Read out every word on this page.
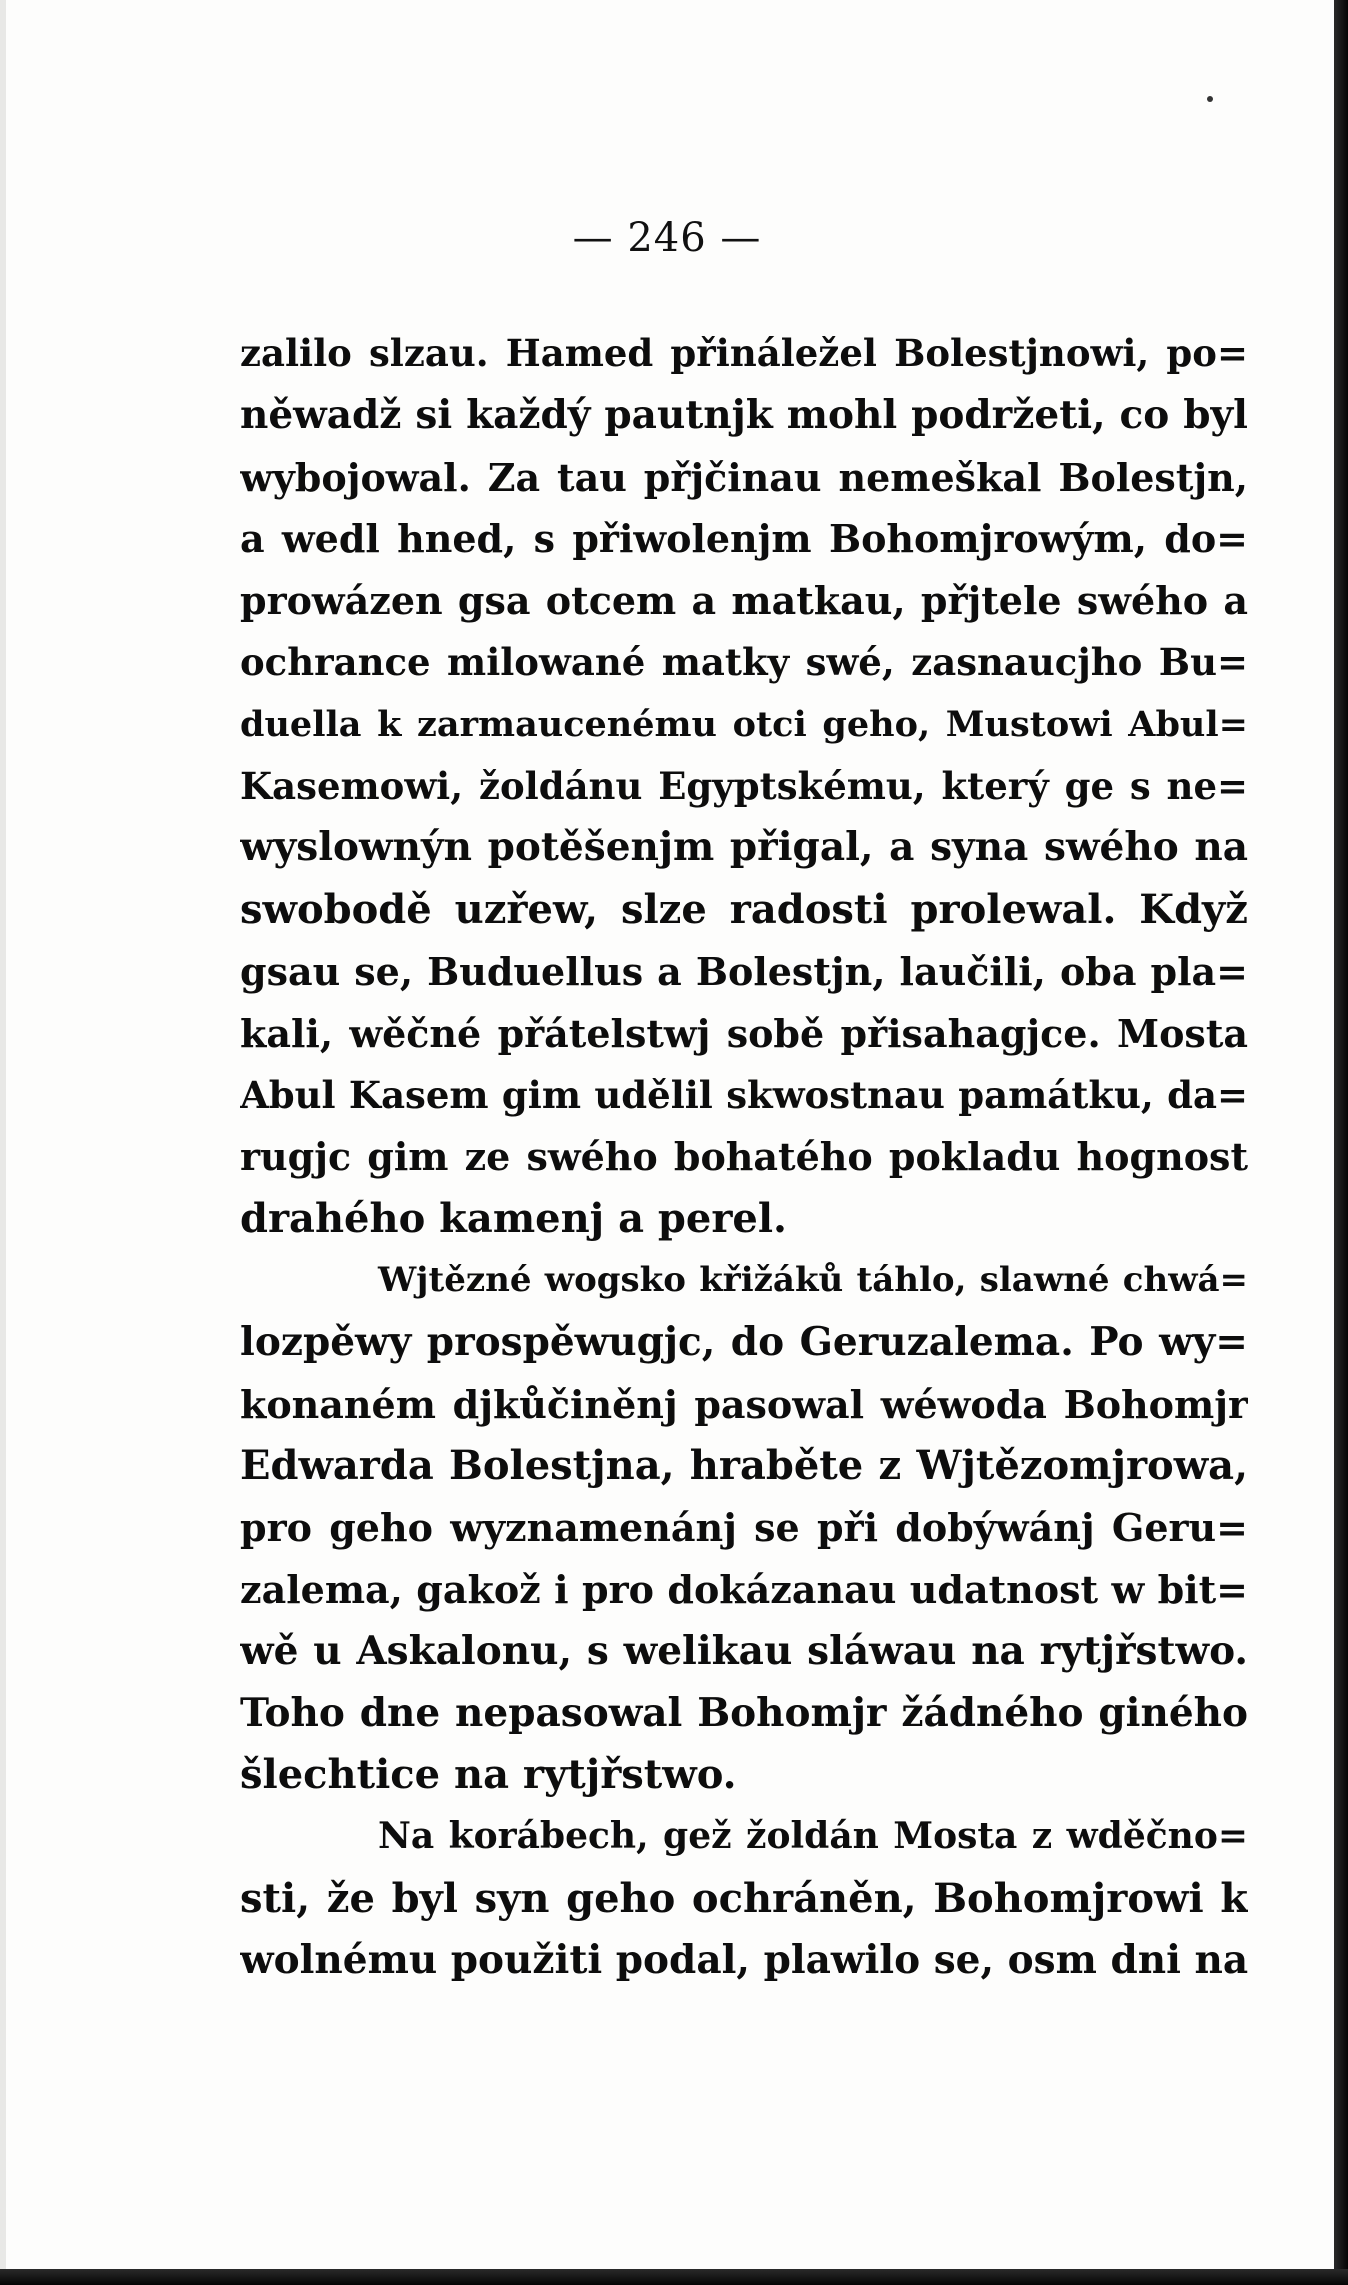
— 246 —
zalilo slzau. Hamed přináležel Bolestjnowi, po=
něwadž si každý pautnjk mohl podržeti, co byl
wybojowal. Za tau přjčinau nemeškal Bolestjn,
a wedl hned, s přiwolenjm Bohomjrowým, do=
prowázen gsa otcem a matkau, přjtele swého a
ochrance milowané matky swé, zasnaucjho Bu=
duella k zarmaucenému otci geho, Mustowi Abul=
Kasemowi, žoldánu Egyptskému, který ge s ne=
wyslownýn potěšenjm přigal, a syna swého na
swobodě uzřew, slze radosti prolewal. Když
gsau se, Buduellus a Bolestjn, laučili, oba pla=
kali, wěčné přátelstwj sobě přisahagjce. Mosta
Abul Kasem gim udělil skwostnau památku, da=
rugjc gim ze swého bohatého pokladu hognost
drahého kamenj a perel.
Wjtězné wogsko křižáků táhlo, slawné chwá=
lozpěwy prospěwugjc, do Geruzalema. Po wy=
konaném djkůčiněnj pasowal wéwoda Bohomjr
Edwarda Bolestjna, hraběte z Wjtězomjrowa,
pro geho wyznamenánj se při dobýwánj Geru=
zalema, gakož i pro dokázanau udatnost w bit=
wě u Askalonu, s welikau sláwau na rytjřstwo.
Toho dne nepasowal Bohomjr žádného giného
šlechtice na rytjřstwo.
Na korábech, gež žoldán Mosta z wděčno=
sti, že byl syn geho ochráněn, Bohomjrowi k
wolnému použiti podal, plawilo se, osm dni na
